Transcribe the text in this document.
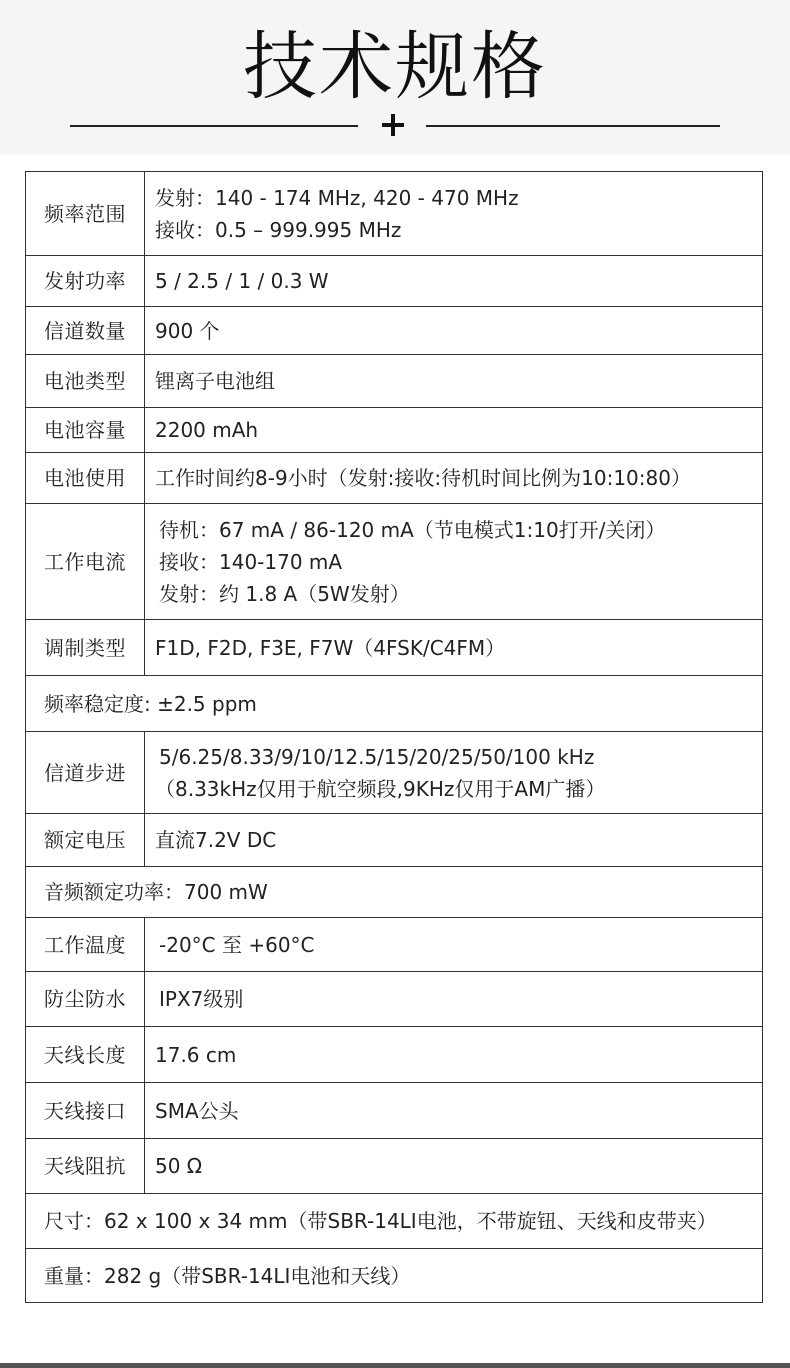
技术规格
频率范围	发射：140 - 174 MHz, 420 - 470 MHz
接收：0.5 – 999.995 MHz

发射功率	5 / 2.5 / 1 / 0.3 W
信道数量	900 个
电池类型	锂离子电池组
电池容量	2200 mAh
电池使用	工作时间约8-9小时（发射:接收:待机时间比例为10:10:80）
工作电流	待机：67 mA / 86-120 mA（节电模式1:10打开/关闭）
接收：140-170 mA
发射：约 1.8 A（5W发射）

调制类型	F1D, F2D, F3E, F7W（4FSK/C4FM）
频率稳定度: ±2.5 ppm	
信道步进	5/6.25/8.33/9/10/12.5/15/20/25/50/100 kHz
（8.33kHz仅用于航空频段,9KHz仅用于AM广播）

额定电压	直流7.2V DC
音频额定功率：700 mW	
工作温度	-20°C 至 +60°C
防尘防水	IPX7级别
天线长度	17.6 cm
天线接口	SMA公头
天线阻抗	50 Ω
尺寸：62 x 100 x 34 mm（带SBR-14LI电池，不带旋钮、天线和皮带夹）	
重量：282 g（带SBR-14LI电池和天线）	
